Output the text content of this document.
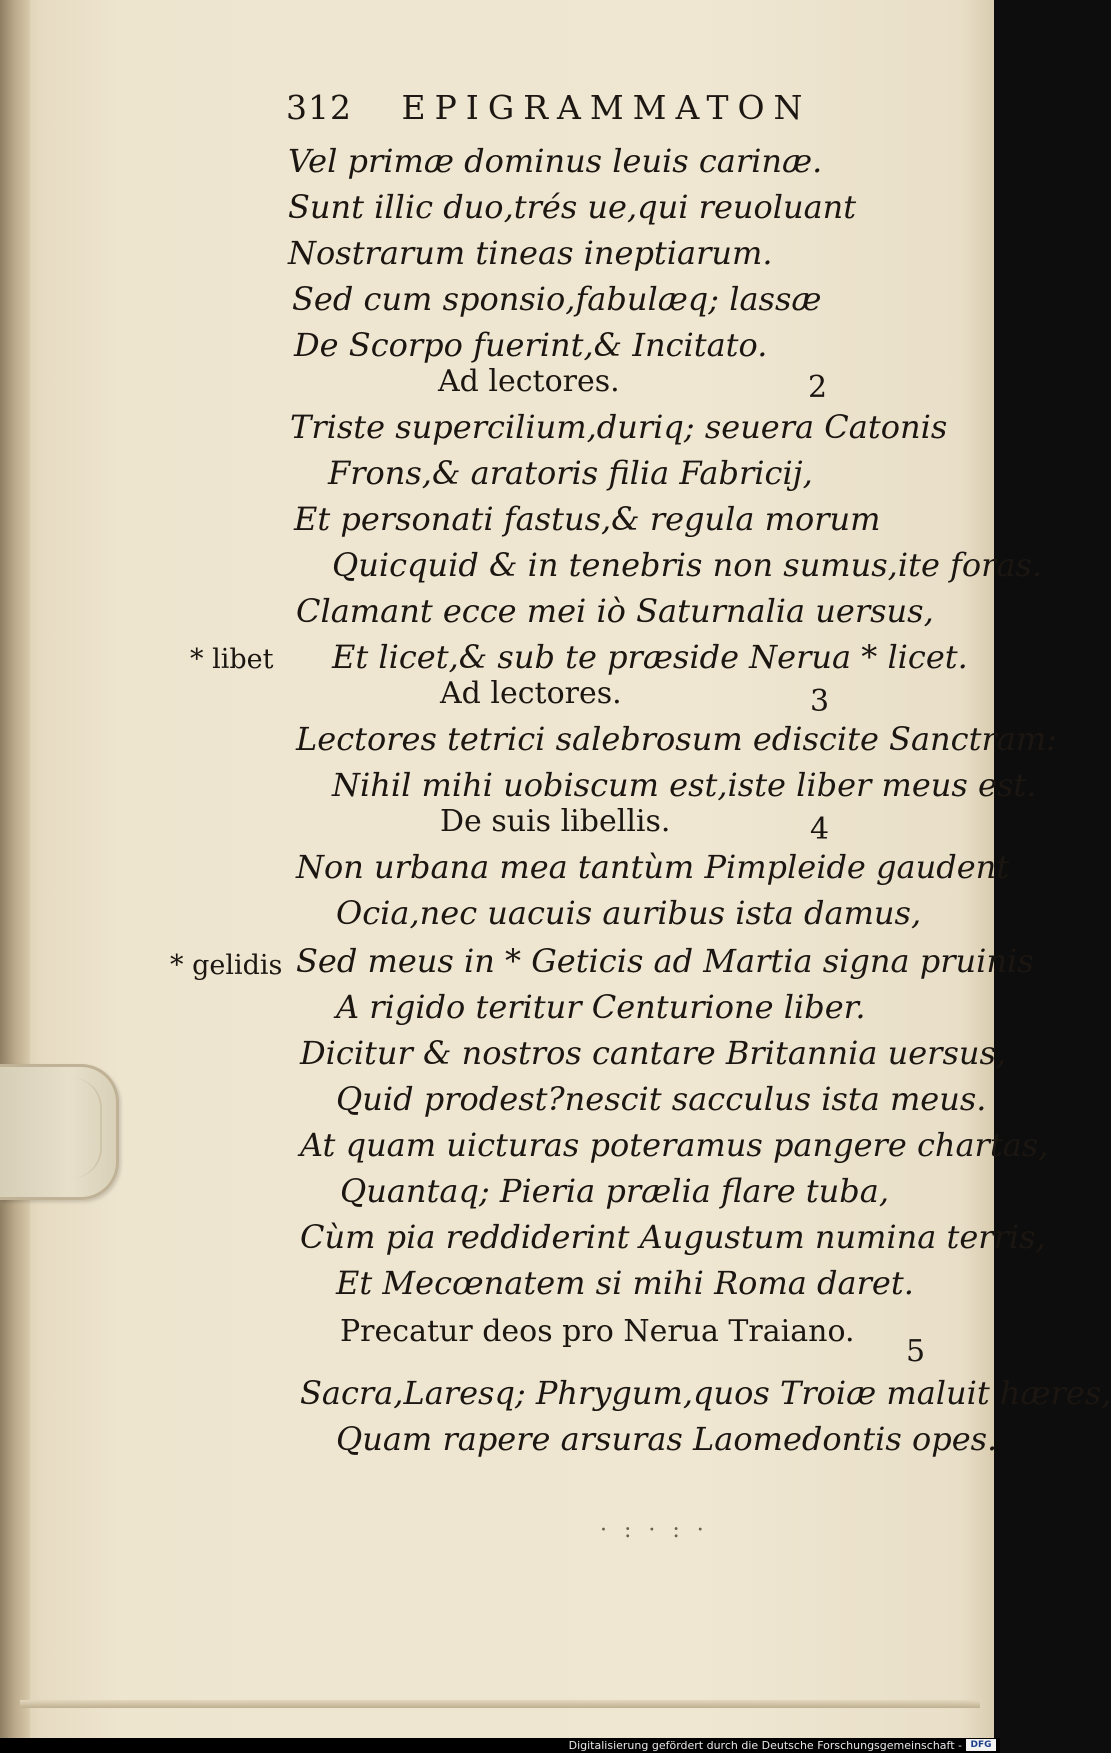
312 EPIGRAMMATON
Vel primæ dominus leuis carinæ.
Sunt illic duo,trés ue,qui reuoluant
Nostrarum tineas ineptiarum.
Sed cum sponsio,fabulæq; lassæ
De Scorpo fuerint,& Incitato.
Ad lectores.	2
Triste supercilium,duriq; seuera Catonis
Frons,& aratoris filia Fabricij,
Et personati fastus,& regula morum
Quicquid & in tenebris non sumus,ite foras.
Clamant ecce mei iò Saturnalia uersus,
* libet Et licet,& sub te præside Nerua * licet.
Ad lectores.	3
Lectores tetrici salebrosum ediscite Sanctram:
Nihil mihi uobiscum est,iste liber meus est.
De suis libellis.	4
Non urbana mea tantùm Pimpleide gaudent
Ocia,nec uacuis auribus ista damus,
* gelidis Sed meus in * Geticis ad Martia signa pruinis
A rigido teritur Centurione liber.
Dicitur & nostros cantare Britannia uersus,
Quid prodest?nescit sacculus ista meus.
At quam uicturas poteramus pangere chartas,
Quantaq; Pieria prælia flare tuba,
Cùm pia reddiderint Augustum numina terris,
Et Mecœnatem si mihi Roma daret.
Precatur deos pro Nerua Traiano.
5
Sacra,Laresq; Phrygum,quos Troiæ maluit hæres,
Quam rapere arsuras Laomedontis opes.
· : · : ·
Digitalisierung gefördert durch die Deutsche Forschungsgemeinschaft - DFG
